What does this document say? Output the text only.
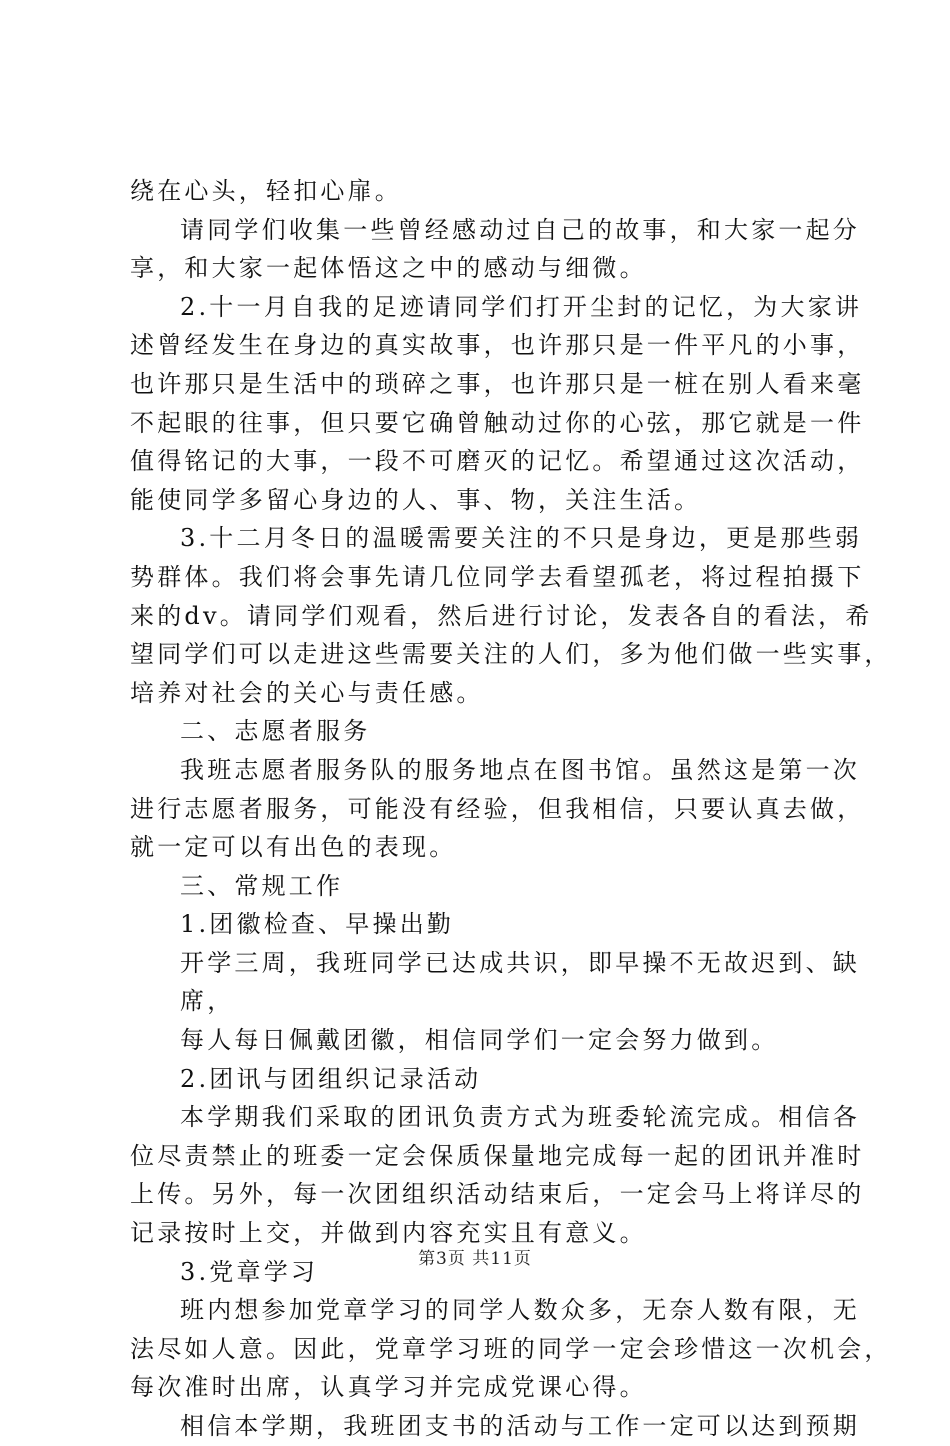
绕在心头，轻扣心扉。
请同学们收集一些曾经感动过自己的故事，和大家一起分
享，和大家一起体悟这之中的感动与细微。
2.十一月自我的足迹请同学们打开尘封的记忆，为大家讲
述曾经发生在身边的真实故事，也许那只是一件平凡的小事，
也许那只是生活中的琐碎之事，也许那只是一桩在别人看来毫
不起眼的往事，但只要它确曾触动过你的心弦，那它就是一件
值得铭记的大事，一段不可磨灭的记忆。希望通过这次活动，
能使同学多留心身边的人、事、物，关注生活。
3.十二月冬日的温暖需要关注的不只是身边，更是那些弱
势群体。我们将会事先请几位同学去看望孤老，将过程拍摄下
来的dv。请同学们观看，然后进行讨论，发表各自的看法，希
望同学们可以走进这些需要关注的人们，多为他们做一些实事，
培养对社会的关心与责任感。
二、志愿者服务
我班志愿者服务队的服务地点在图书馆。虽然这是第一次
进行志愿者服务，可能没有经验，但我相信，只要认真去做，
就一定可以有出色的表现。
三、常规工作
1.团徽检查、早操出勤
开学三周，我班同学已达成共识，即早操不无故迟到、缺
席，
每人每日佩戴团徽，相信同学们一定会努力做到。
2.团讯与团组织记录活动
本学期我们采取的团讯负责方式为班委轮流完成。相信各
位尽责禁止的班委一定会保质保量地完成每一起的团讯并准时
上传。另外，每一次团组织活动结束后，一定会马上将详尽的
记录按时上交，并做到内容充实且有意义。
3.党章学习
班内想参加党章学习的同学人数众多，无奈人数有限，无
法尽如人意。因此，党章学习班的同学一定会珍惜这一次机会，
每次准时出席，认真学习并完成党课心得。
相信本学期，我班团支书的活动与工作一定可以达到预期
第3页 共11页
